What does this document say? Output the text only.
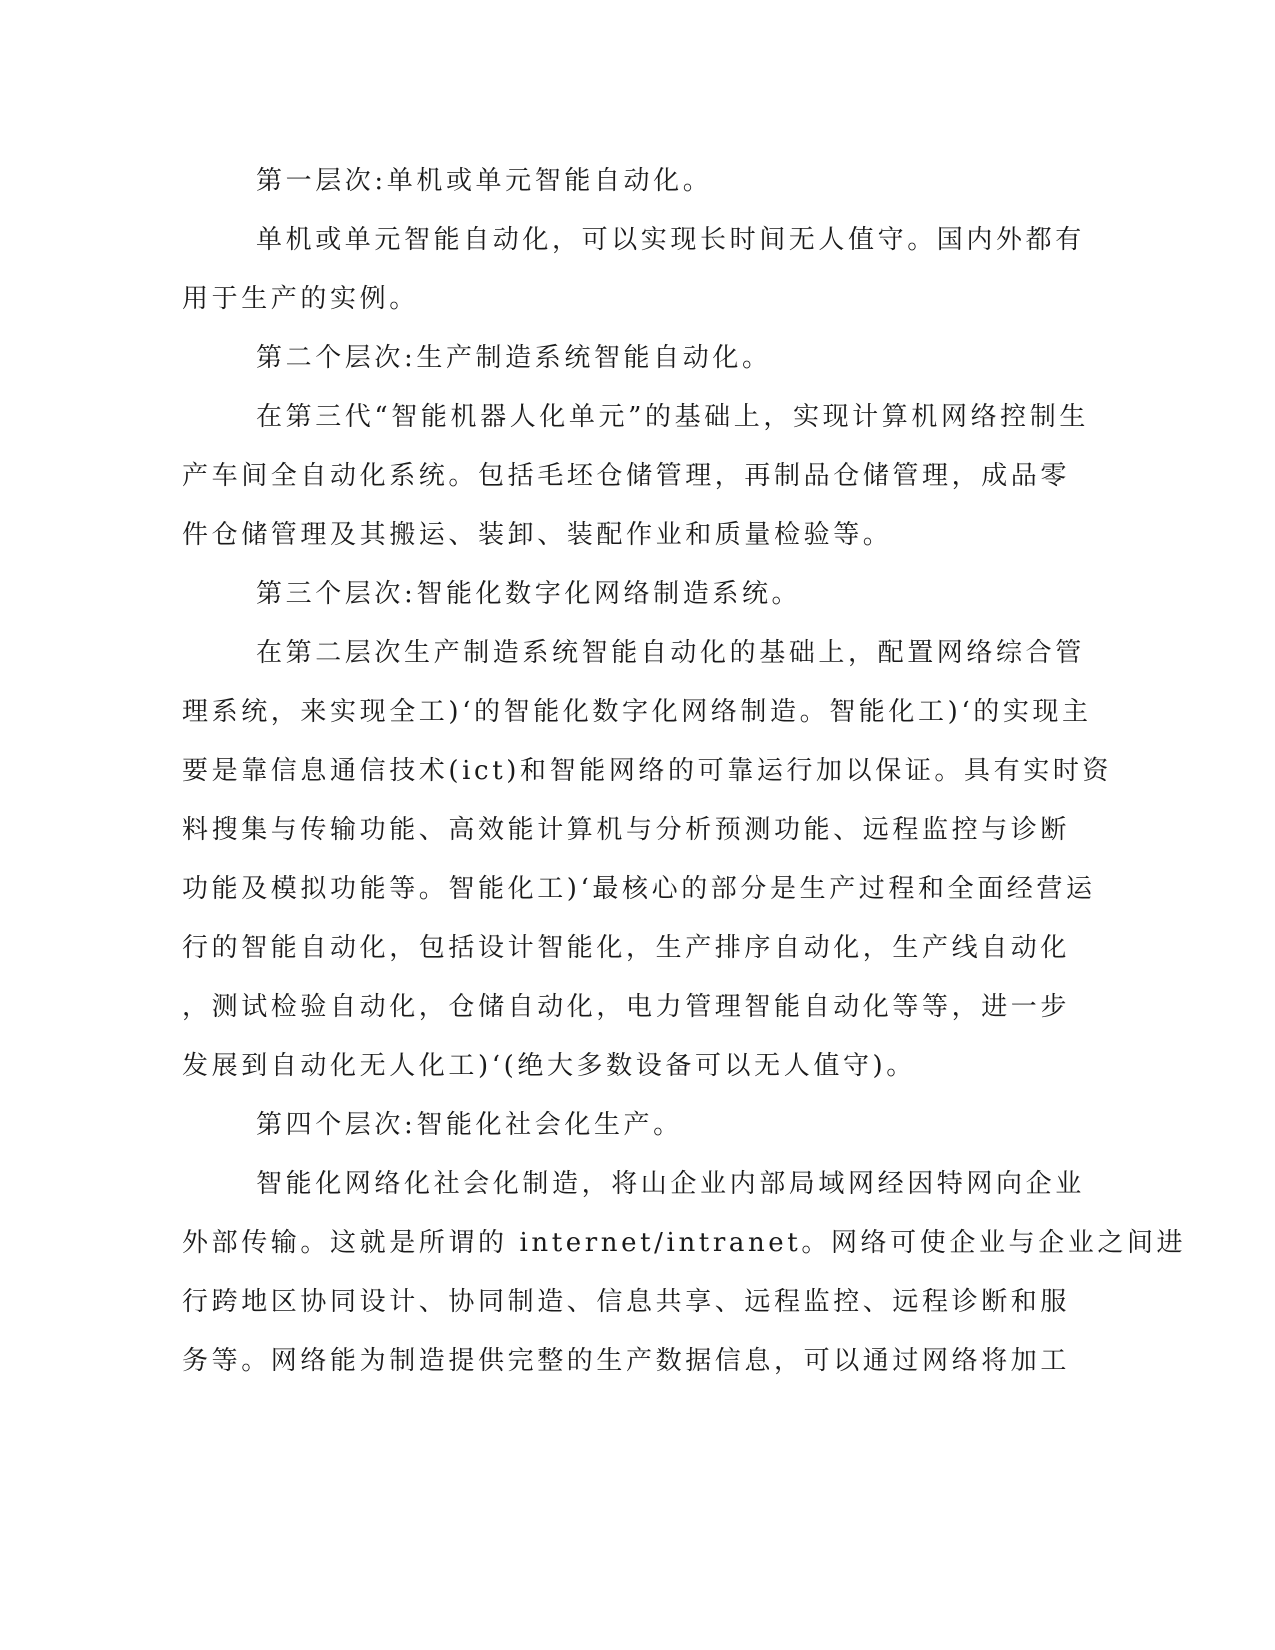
第一层次:单机或单元智能自动化。
单机或单元智能自动化，可以实现长时间无人值守。国内外都有
用于生产的实例。
第二个层次:生产制造系统智能自动化。
在第三代“智能机器人化单元”的基础上，实现计算机网络控制生
产车间全自动化系统。包括毛坯仓储管理，再制品仓储管理，成品零
件仓储管理及其搬运、装卸、装配作业和质量检验等。
第三个层次:智能化数字化网络制造系统。
在第二层次生产制造系统智能自动化的基础上，配置网络综合管
理系统，来实现全工)‘的智能化数字化网络制造。智能化工)‘的实现主
要是靠信息通信技术(ict)和智能网络的可靠运行加以保证。具有实时资
料搜集与传输功能、高效能计算机与分析预测功能、远程监控与诊断
功能及模拟功能等。智能化工)‘最核心的部分是生产过程和全面经营运
行的智能自动化，包括设计智能化，生产排序自动化，生产线自动化
，测试检验自动化，仓储自动化，电力管理智能自动化等等，进一步
发展到自动化无人化工)‘(绝大多数设备可以无人值守)。
第四个层次:智能化社会化生产。
智能化网络化社会化制造，将山企业内部局域网经因特网向企业
外部传输。这就是所谓的 internet/intranet。网络可使企业与企业之间进
行跨地区协同设计、协同制造、信息共享、远程监控、远程诊断和服
务等。网络能为制造提供完整的生产数据信息，可以通过网络将加工
